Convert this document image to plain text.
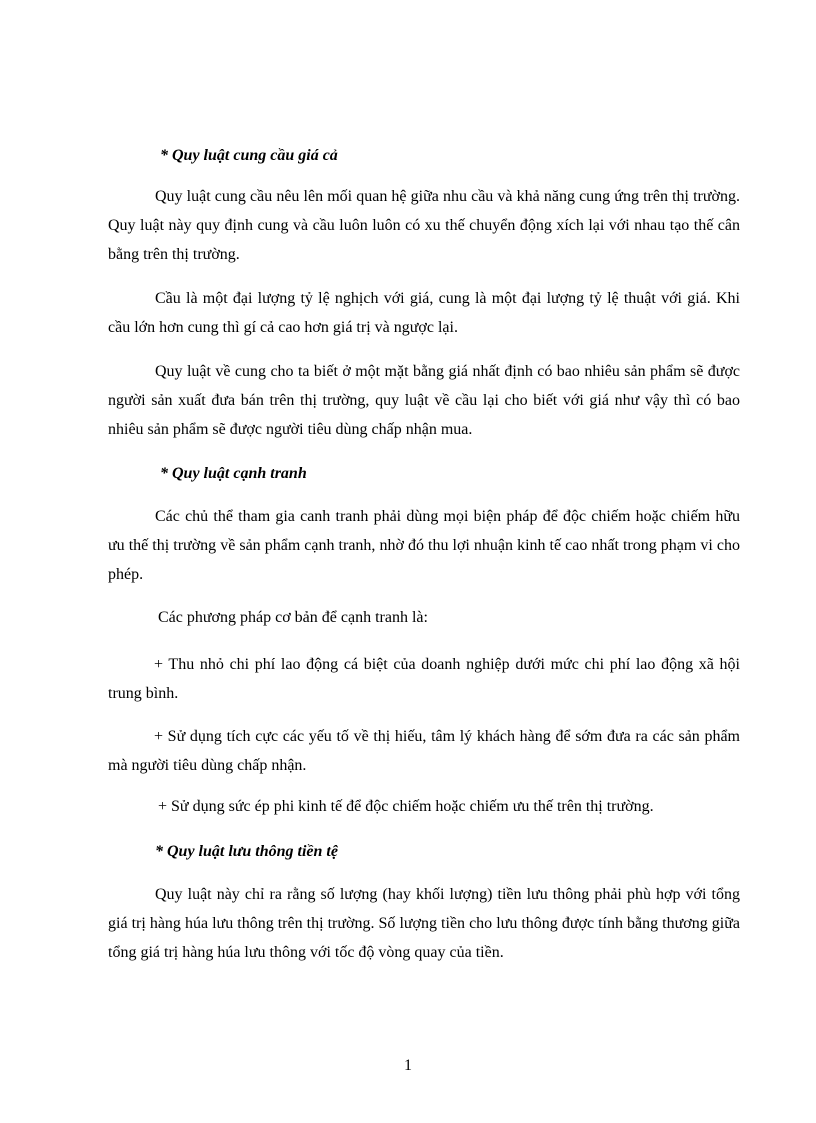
* Quy luật cung cầu giá cả
Quy luật cung cầu nêu lên mối quan hệ giữa nhu cầu và khả năng cung ứng trên thị trường. Quy luật này quy định cung và cầu luôn luôn có xu thế chuyển động xích lại với nhau tạo thế cân bằng trên thị trường.
Cầu là một đại lượng tỷ lệ nghịch với giá, cung là một đại lượng tỷ lệ thuật với giá. Khi cầu lớn hơn cung thì gí cả cao hơn giá trị và ngược lại.
Quy luật về cung cho ta biết ở một mặt bằng giá nhất định có bao nhiêu sản phẩm sẽ được người sản xuất đưa bán trên thị trường, quy luật về cầu lại cho biết với giá như vậy thì có bao nhiêu sản phẩm sẽ được người tiêu dùng chấp nhận mua.
* Quy luật cạnh tranh
Các chủ thể tham gia canh tranh phải dùng mọi biện pháp để độc chiếm hoặc chiếm hữu ưu thế thị trường về sản phẩm cạnh tranh, nhờ đó thu lợi nhuận kinh tế cao nhất trong phạm vi cho phép.
Các phương pháp cơ bản để cạnh tranh là:
+ Thu nhỏ chi phí lao động cá biệt của doanh nghiệp dưới mức chi phí lao động xã hội trung bình.
+ Sử dụng tích cực các yếu tố về thị hiếu, tâm lý khách hàng để sớm đưa ra các sản phẩm mà người tiêu dùng chấp nhận.
+ Sử dụng sức ép phi kinh tế để độc chiếm hoặc chiếm ưu thế trên thị trường.
* Quy luật lưu thông tiền tệ
Quy luật này chỉ ra rằng số lượng (hay khối lượng) tiền lưu thông phải phù hợp với tổng giá trị hàng húa lưu thông trên thị trường. Số lượng tiền cho lưu thông được tính bằng thương giữa tổng giá trị hàng húa lưu thông với tốc độ vòng quay của tiền.
1
